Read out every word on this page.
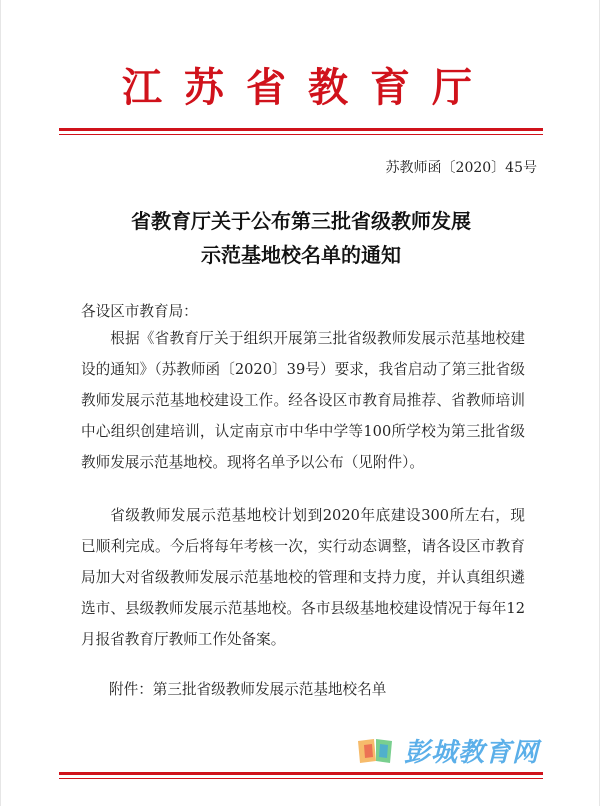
江苏省教育厅
苏教师函〔2020〕45号
省教育厅关于公布第三批省级教师发展
示范基地校名单的通知
各设区市教育局：

根据《省教育厅关于组织开展第三批省级教师发展示范基地校建设的通知》（苏教师函〔2020〕39号）要求，我省启动了第三批省级教师发展示范基地校建设工作。经各设区市教育局推荐、省教师培训中心组织创建培训，认定南京市中华中学等100所学校为第三批省级教师发展示范基地校。现将名单予以公布（见附件）。

省级教师发展示范基地校计划到2020年底建设300所左右，现已顺利完成。今后将每年考核一次，实行动态调整，请各设区市教育局加大对省级教师发展示范基地校的管理和支持力度，并认真组织遴选市、县级教师发展示范基地校。各市县级基地校建设情况于每年12月报省教育厅教师工作处备案。

附件：第三批省级教师发展示范基地校名单
彭城教育网
